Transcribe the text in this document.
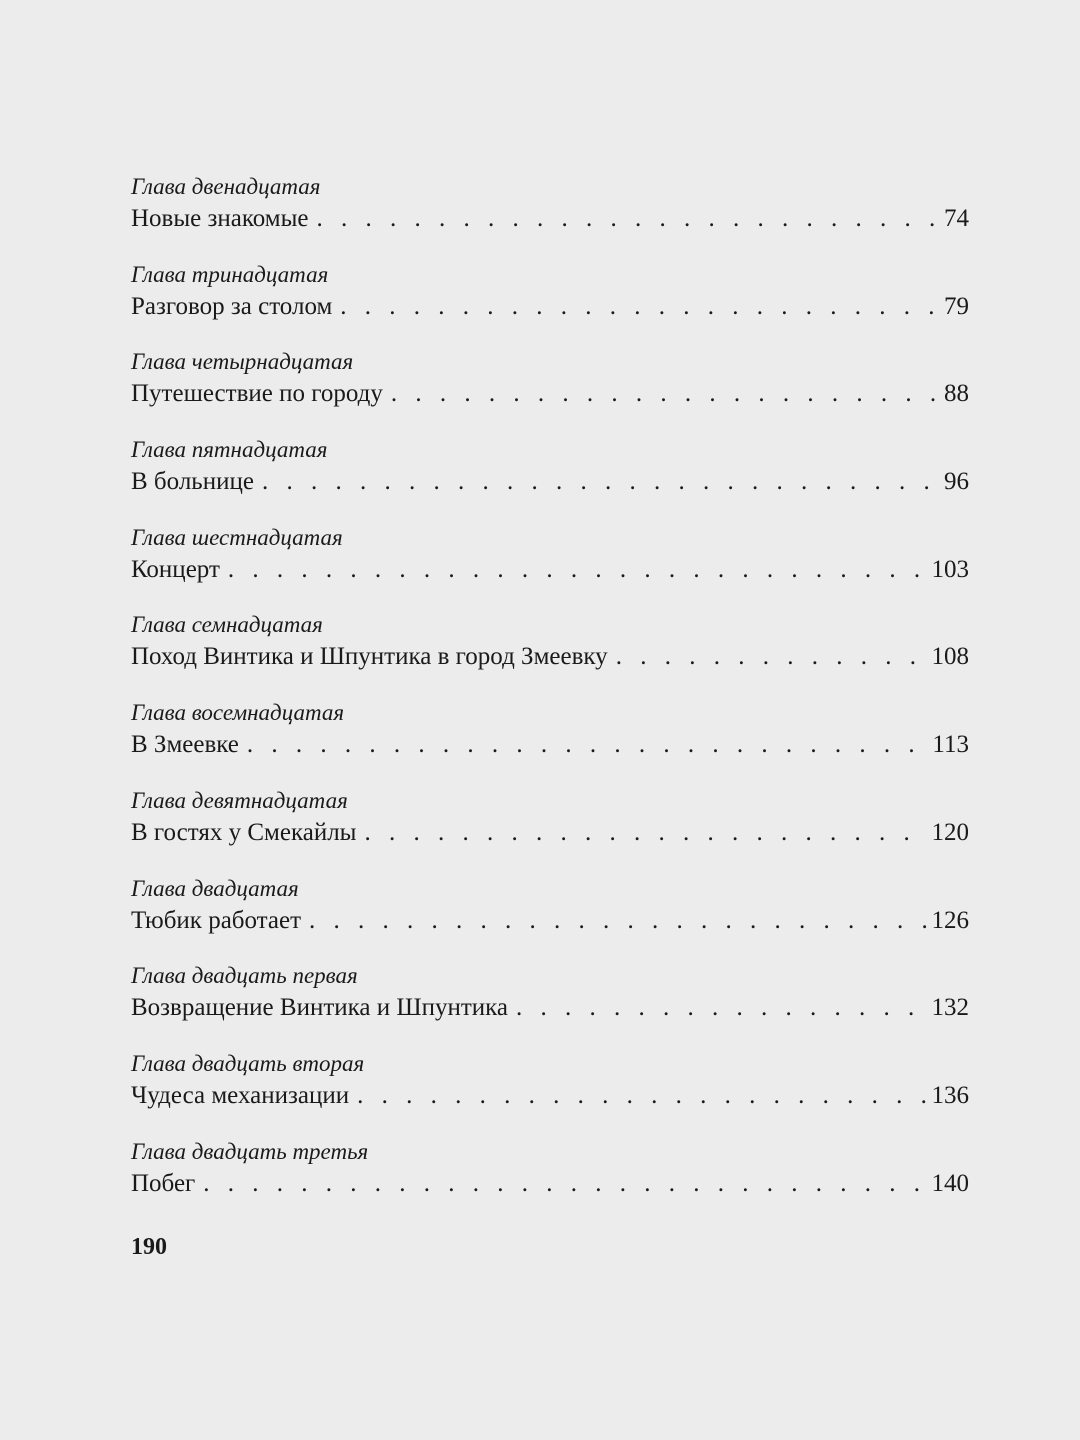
Глава двенадцатая
Новые знакомые . . .	74
Глава тринадцатая
Разговор за столом . . .	79
Глава четырнадцатая
Путешествие по городу . . .	88
Глава пятнадцатая
В больнице . . .	96
Глава шестнадцатая
Концерт . . .	103
Глава семнадцатая
Поход Винтика и Шпунтика в город Змеевку . . .	108
Глава восемнадцатая
В Змеевке . . .	113
Глава девятнадцатая
В гостях у Смекайлы . . .	120
Глава двадцатая
Тюбик работает . . .	126
Глава двадцать первая
Возвращение Винтика и Шпунтика . . .	132
Глава двадцать вторая
Чудеса механизации . . .	136
Глава двадцать третья
Побег . . .	140
190
